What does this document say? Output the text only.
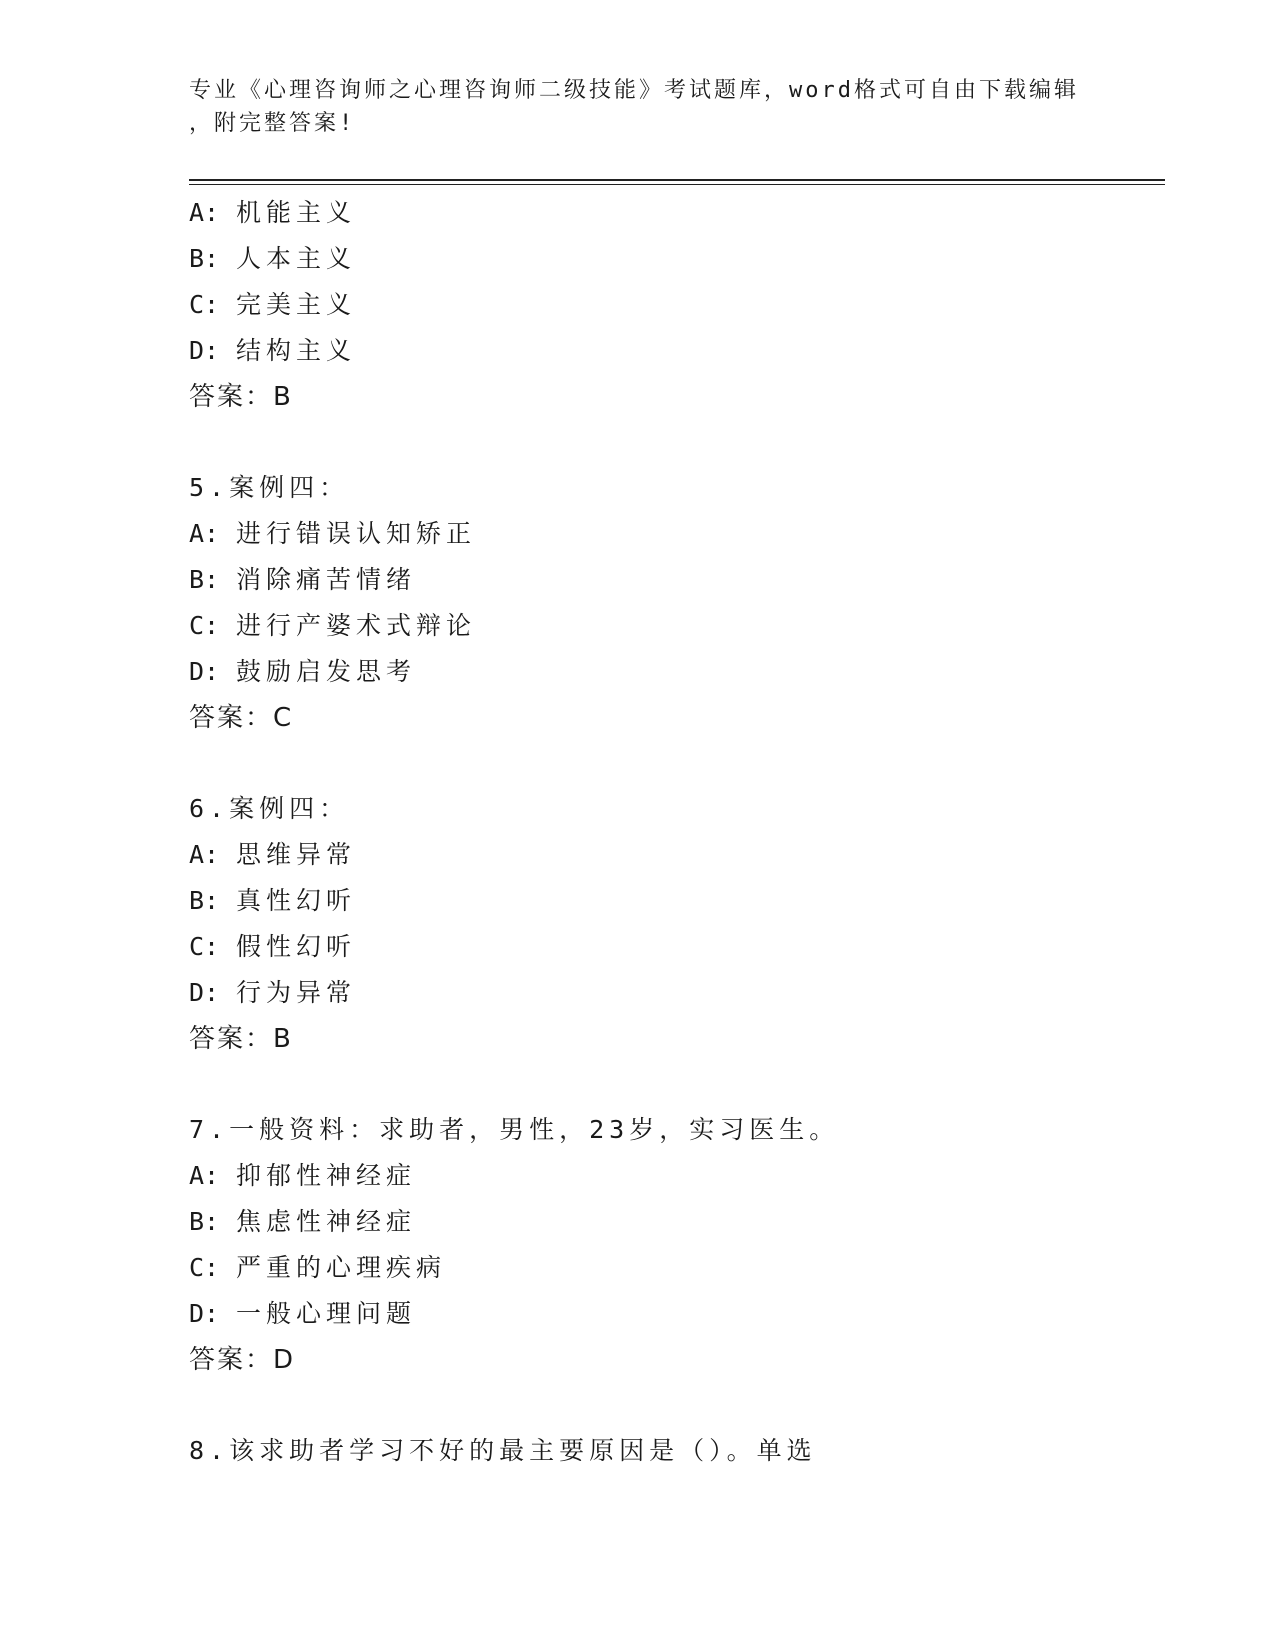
专业《心理咨询师之心理咨询师二级技能》考试题库，word格式可自由下载编辑
，附完整答案!
A: 机能主义
B: 人本主义
C: 完美主义
D: 结构主义
答案：B
5.案例四：
A: 进行错误认知矫正
B: 消除痛苦情绪
C: 进行产婆术式辩论
D: 鼓励启发思考
答案：C
6.案例四：
A: 思维异常
B: 真性幻听
C: 假性幻听
D: 行为异常
答案：B
7.一般资料：求助者，男性，23岁，实习医生。
A: 抑郁性神经症
B: 焦虑性神经症
C: 严重的心理疾病
D: 一般心理问题
答案：D
8.该求助者学习不好的最主要原因是（）。单选
